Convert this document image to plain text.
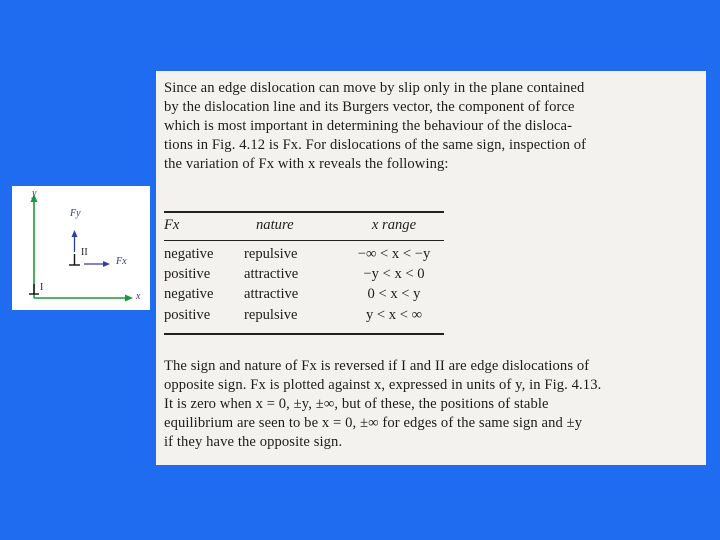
y
x
Fy
Fx
I
II
Since an edge dislocation can move by slip only in the plane contained
by the dislocation line and its Burgers vector, the component of force
which is most important in determining the behaviour of the disloca-
tions in Fig. 4.12 is Fx. For dislocations of the same sign, inspection of
the variation of Fx with x reveals the following:
Fx	nature	x range
negative repulsive	−∞ < x < −y
positive attractive	−y < x < 0
negative attractive	0 < x < y
positive repulsive	y < x < ∞
The sign and nature of Fx is reversed if I and II are edge dislocations of
opposite sign. Fx is plotted against x, expressed in units of y, in Fig. 4.13.
It is zero when x = 0, ±y, ±∞, but of these, the positions of stable
equilibrium are seen to be x = 0, ±∞ for edges of the same sign and ±y
if they have the opposite sign.
